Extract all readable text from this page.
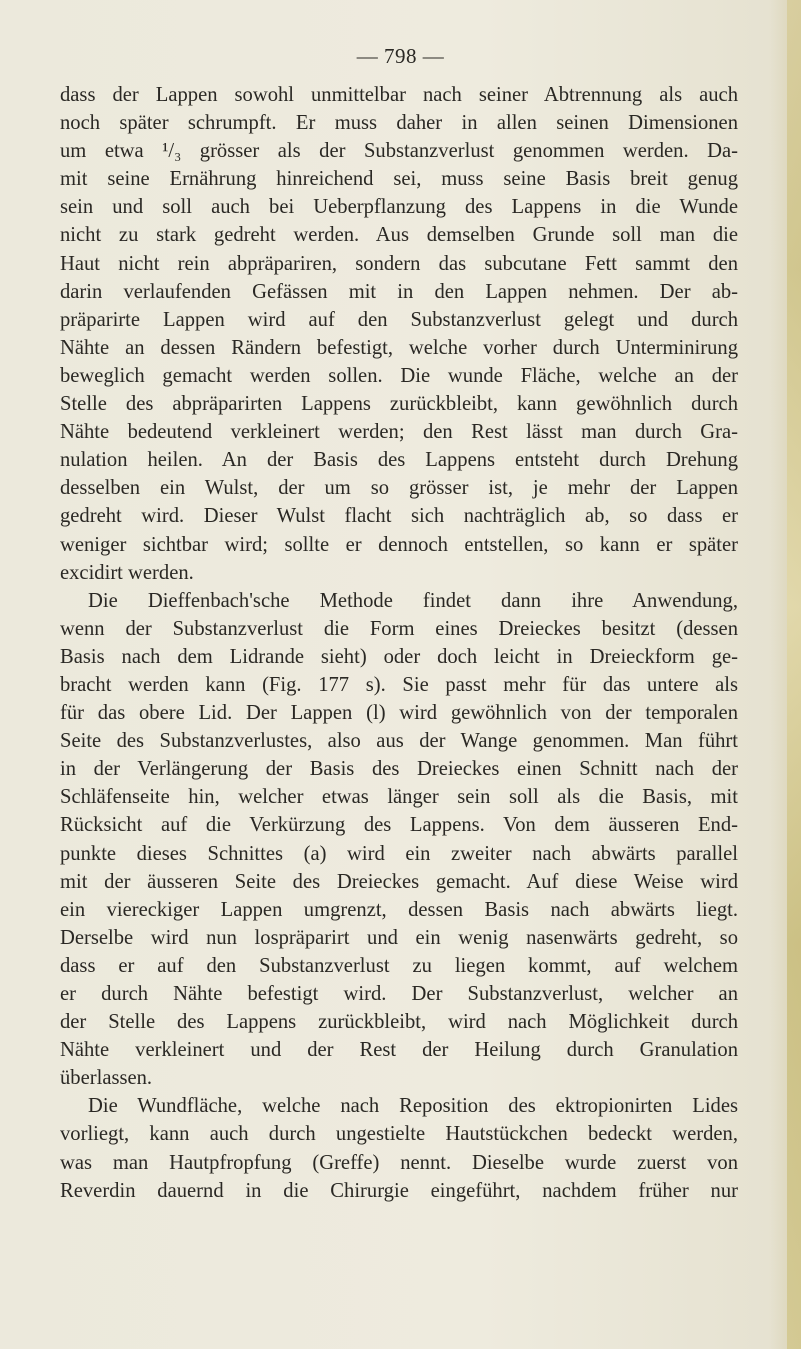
— 798 —
dass der Lappen sowohl unmittelbar nach seiner Abtrennung als auch
noch später schrumpft. Er muss daher in allen seinen Dimensionen
um etwa ¹/₃ grösser als der Substanzverlust genommen werden. Da-
mit seine Ernährung hinreichend sei, muss seine Basis breit genug
sein und soll auch bei Ueberpflanzung des Lappens in die Wunde
nicht zu stark gedreht werden. Aus demselben Grunde soll man die
Haut nicht rein abpräpariren, sondern das subcutane Fett sammt den
darin verlaufenden Gefässen mit in den Lappen nehmen. Der ab-
präparirte Lappen wird auf den Substanzverlust gelegt und durch
Nähte an dessen Rändern befestigt, welche vorher durch Unterminirung
beweglich gemacht werden sollen. Die wunde Fläche, welche an der
Stelle des abpräparirten Lappens zurückbleibt, kann gewöhnlich durch
Nähte bedeutend verkleinert werden; den Rest lässt man durch Gra-
nulation heilen. An der Basis des Lappens entsteht durch Drehung
desselben ein Wulst, der um so grösser ist, je mehr der Lappen
gedreht wird. Dieser Wulst flacht sich nachträglich ab, so dass er
weniger sichtbar wird; sollte er dennoch entstellen, so kann er später
excidirt werden.
Die Dieffenbach'sche Methode findet dann ihre Anwendung,
wenn der Substanzverlust die Form eines Dreieckes besitzt (dessen
Basis nach dem Lidrande sieht) oder doch leicht in Dreieckform ge-
bracht werden kann (Fig. 177 s). Sie passt mehr für das untere als
für das obere Lid. Der Lappen (l) wird gewöhnlich von der temporalen
Seite des Substanzverlustes, also aus der Wange genommen. Man führt
in der Verlängerung der Basis des Dreieckes einen Schnitt nach der
Schläfenseite hin, welcher etwas länger sein soll als die Basis, mit
Rücksicht auf die Verkürzung des Lappens. Von dem äusseren End-
punkte dieses Schnittes (a) wird ein zweiter nach abwärts parallel
mit der äusseren Seite des Dreieckes gemacht. Auf diese Weise wird
ein viereckiger Lappen umgrenzt, dessen Basis nach abwärts liegt.
Derselbe wird nun lospräparirt und ein wenig nasenwärts gedreht, so
dass er auf den Substanzverlust zu liegen kommt, auf welchem
er durch Nähte befestigt wird. Der Substanzverlust, welcher an
der Stelle des Lappens zurückbleibt, wird nach Möglichkeit durch
Nähte verkleinert und der Rest der Heilung durch Granulation
überlassen.
Die Wundfläche, welche nach Reposition des ektropionirten Lides
vorliegt, kann auch durch ungestielte Hautstückchen bedeckt werden,
was man Hautpfropfung (Greffe) nennt. Dieselbe wurde zuerst von
Reverdin dauernd in die Chirurgie eingeführt, nachdem früher nur
